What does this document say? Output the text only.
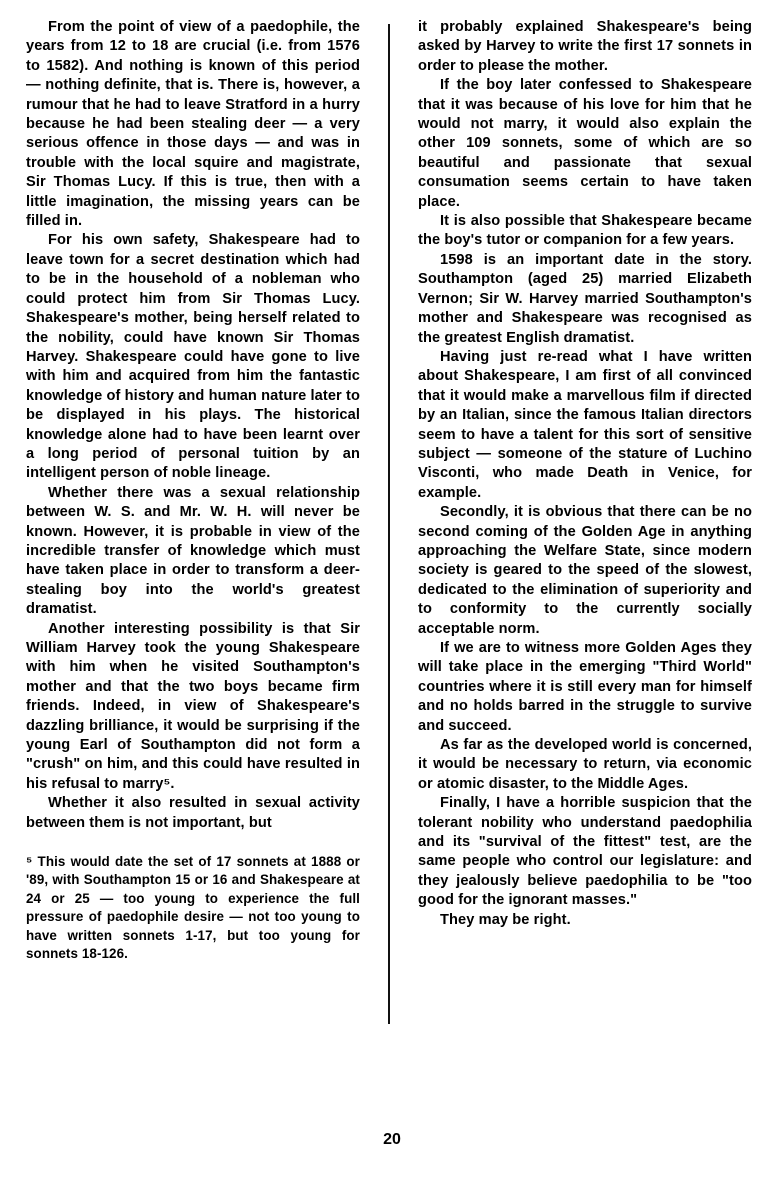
From the point of view of a paedophile, the years from 12 to 18 are crucial (i.e. from 1576 to 1582). And nothing is known of this period — nothing definite, that is. There is, however, a rumour that he had to leave Stratford in a hurry because he had been stealing deer — a very serious offence in those days — and was in trouble with the local squire and magistrate, Sir Thomas Lucy. If this is true, then with a little imagination, the missing years can be filled in.

For his own safety, Shakespeare had to leave town for a secret destination which had to be in the household of a nobleman who could protect him from Sir Thomas Lucy. Shakespeare's mother, being herself related to the nobility, could have known Sir Thomas Harvey. Shakespeare could have gone to live with him and acquired from him the fantastic knowledge of history and human nature later to be displayed in his plays. The historical knowledge alone had to have been learnt over a long period of personal tuition by an intelligent person of noble lineage.

Whether there was a sexual relationship between W. S. and Mr. W. H. will never be known. However, it is probable in view of the incredible transfer of knowledge which must have taken place in order to transform a deer-stealing boy into the world's greatest dramatist.

Another interesting possibility is that Sir William Harvey took the young Shakespeare with him when he visited Southampton's mother and that the two boys became firm friends. Indeed, in view of Shakespeare's dazzling brilliance, it would be surprising if the young Earl of Southampton did not form a "crush" on him, and this could have resulted in his refusal to marry⁵.

Whether it also resulted in sexual activity between them is not important, but

⁵ This would date the set of 17 sonnets at 1888 or '89, with Southampton 15 or 16 and Shakespeare at 24 or 25 — too young to experience the full pressure of paedophile desire — not too young to have written sonnets 1-17, but too young for sonnets 18-126.

it probably explained Shakespeare's being asked by Harvey to write the first 17 sonnets in order to please the mother.

If the boy later confessed to Shakespeare that it was because of his love for him that he would not marry, it would also explain the other 109 sonnets, some of which are so beautiful and passionate that sexual consumation seems certain to have taken place.

It is also possible that Shakespeare became the boy's tutor or companion for a few years.

1598 is an important date in the story. Southampton (aged 25) married Elizabeth Vernon; Sir W. Harvey married Southampton's mother and Shakespeare was recognised as the greatest English dramatist.

Having just re-read what I have written about Shakespeare, I am first of all convinced that it would make a marvellous film if directed by an Italian, since the famous Italian directors seem to have a talent for this sort of sensitive subject — someone of the stature of Luchino Visconti, who made Death in Venice, for example.

Secondly, it is obvious that there can be no second coming of the Golden Age in anything approaching the Welfare State, since modern society is geared to the speed of the slowest, dedicated to the elimination of superiority and to conformity to the currently socially acceptable norm.

If we are to witness more Golden Ages they will take place in the emerging "Third World" countries where it is still every man for himself and no holds barred in the struggle to survive and succeed.

As far as the developed world is concerned, it would be necessary to return, via economic or atomic disaster, to the Middle Ages.

Finally, I have a horrible suspicion that the tolerant nobility who understand paedophilia and its "survival of the fittest" test, are the same people who control our legislature: and they jealously believe paedophilia to be "too good for the ignorant masses."

They may be right.

20
